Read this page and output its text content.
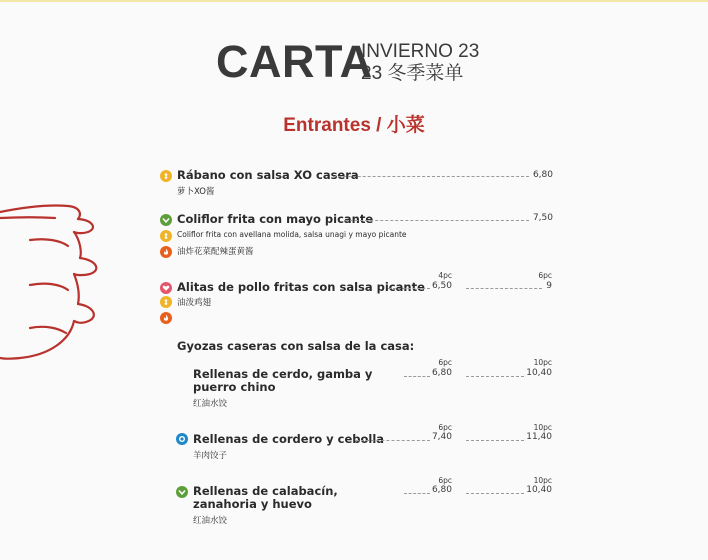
CARTA
INVIERNO 23
23 冬季菜单
Entrantes / 小菜
Rábano con salsa XO casera	6,80
萝卜XO酱
Coliflor frita con mayo picante	7,50
Coliflor frita con avellana molida, salsa unagi y mayo picante
油炸花菜配辣蛋黄酱
4pc	6pc
Alitas de pollo fritas con salsa picante 6,50	9
油泼鸡翅
Gyozas caseras con salsa de la casa:
6pc	10pc
Rellenas de cerdo, gamba y puerro chino
6,80	10,40
红油水饺
6pc	10pc
Rellenas de cordero y cebolla	7,40	11,40
羊肉饺子
6pc	10pc
Rellenas de calabacín, zanahoria y huevo
6,80	10,40
红油水饺
